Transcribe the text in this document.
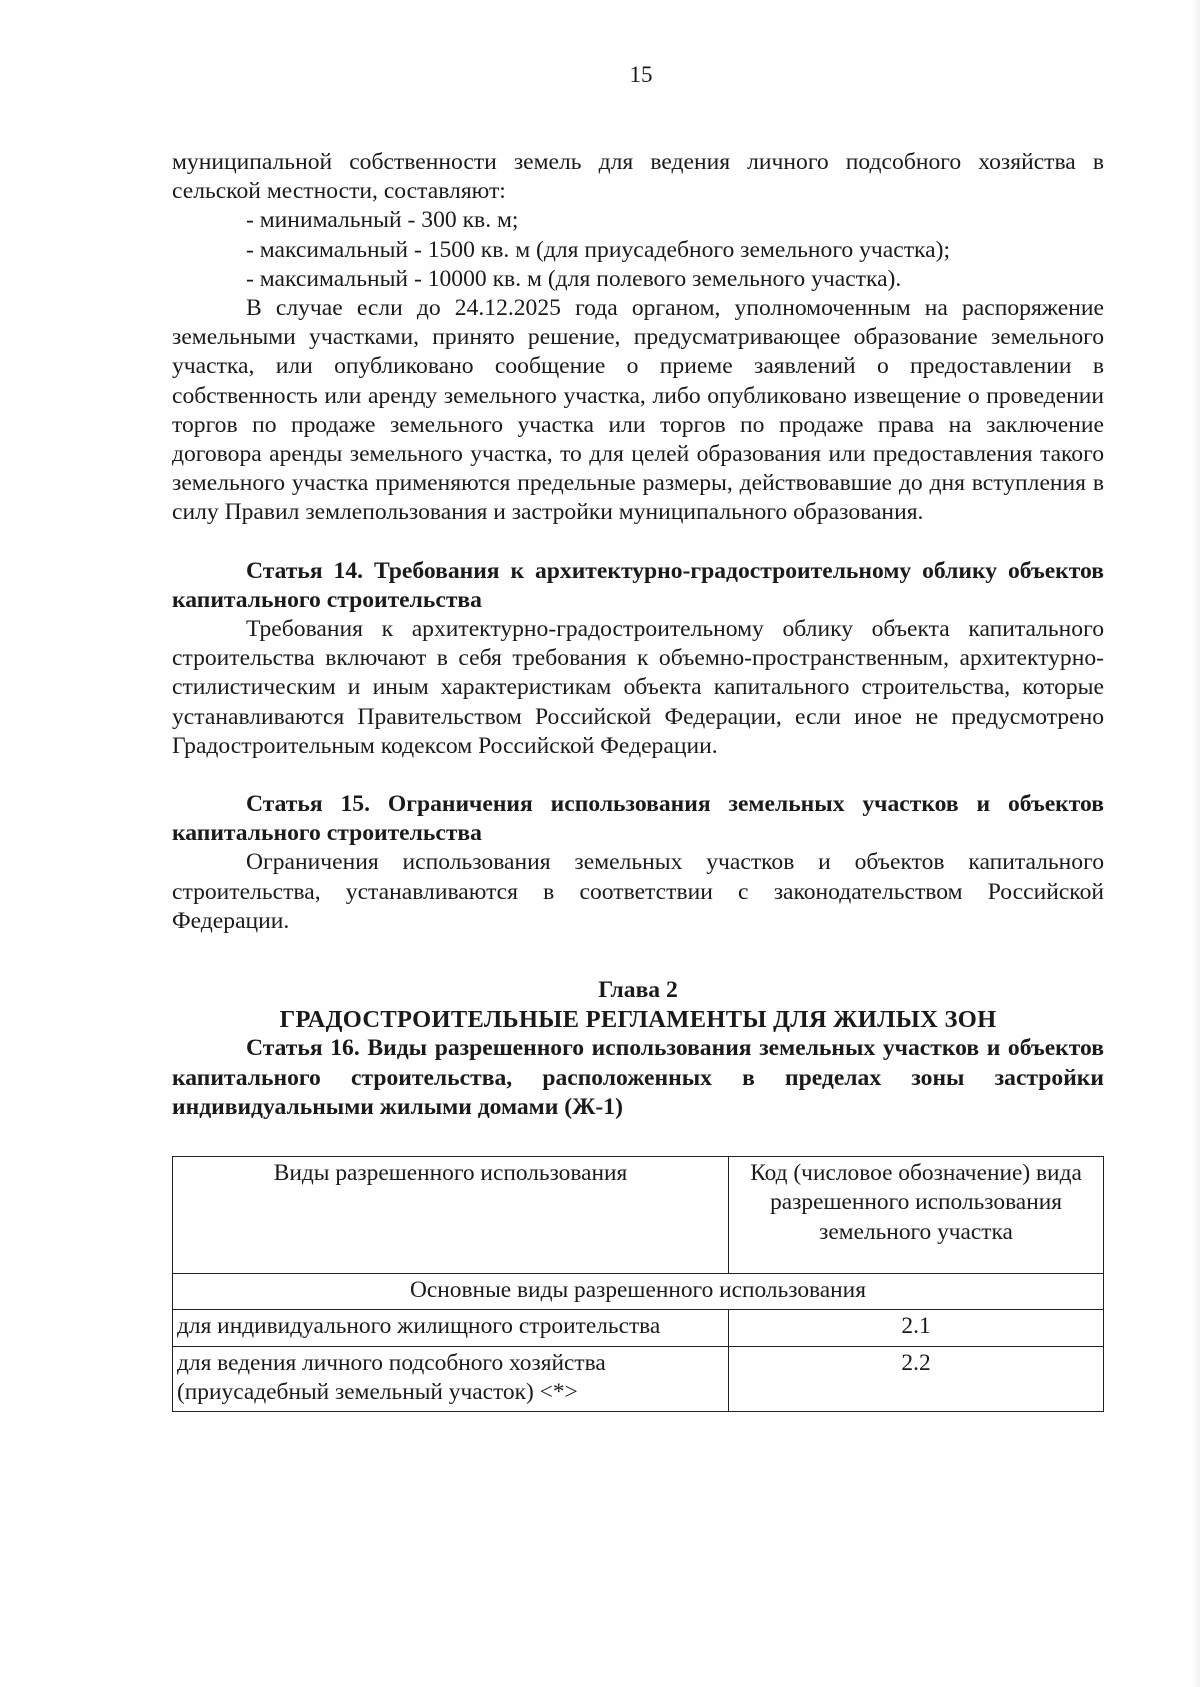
15

муниципальной собственности земель для ведения личного подсобного хозяйства в сельской местности, составляют:

- минимальный - 300 кв. м;

- максимальный - 1500 кв. м (для приусадебного земельного участка);

- максимальный - 10000 кв. м (для полевого земельного участка).

В случае если до 24.12.2025 года органом, уполномоченным на распоряжение земельными участками, принято решение, предусматривающее образование земельного участка, или опубликовано сообщение о приеме заявлений о предоставлении в собственность или аренду земельного участка, либо опубликовано извещение о проведении торгов по продаже земельного участка или торгов по продаже права на заключение договора аренды земельного участка, то для целей образования или предоставления такого земельного участка применяются предельные размеры, действовавшие до дня вступления в силу Правил землепользования и застройки муниципального образования.

Статья 14. Требования к архитектурно-градостроительному облику объектов капитального строительства

Требования к архитектурно-градостроительному облику объекта капитального строительства включают в себя требования к объемно-пространственным, архитектурно-стилистическим и иным характеристикам объекта капитального строительства, которые устанавливаются Правительством Российской Федерации, если иное не предусмотрено Градостроительным кодексом Российской Федерации.

Статья 15. Ограничения использования земельных участков и объектов капитального строительства

Ограничения использования земельных участков и объектов капитального строительства, устанавливаются в соответствии с законодательством Российской Федерации.

Глава 2

ГРАДОСТРОИТЕЛЬНЫЕ РЕГЛАМЕНТЫ ДЛЯ ЖИЛЫХ ЗОН

Статья 16. Виды разрешенного использования земельных участков и объектов капитального строительства, расположенных в пределах зоны застройки индивидуальными жилыми домами (Ж-1)

Виды разрешенного использования	Код (числовое обозначение) вида разрешенного использования земельного участка
Основные виды разрешенного использования	
для индивидуального жилищного строительства	2.1
для ведения личного подсобного хозяйства (приусадебный земельный участок) <*>	2.2
